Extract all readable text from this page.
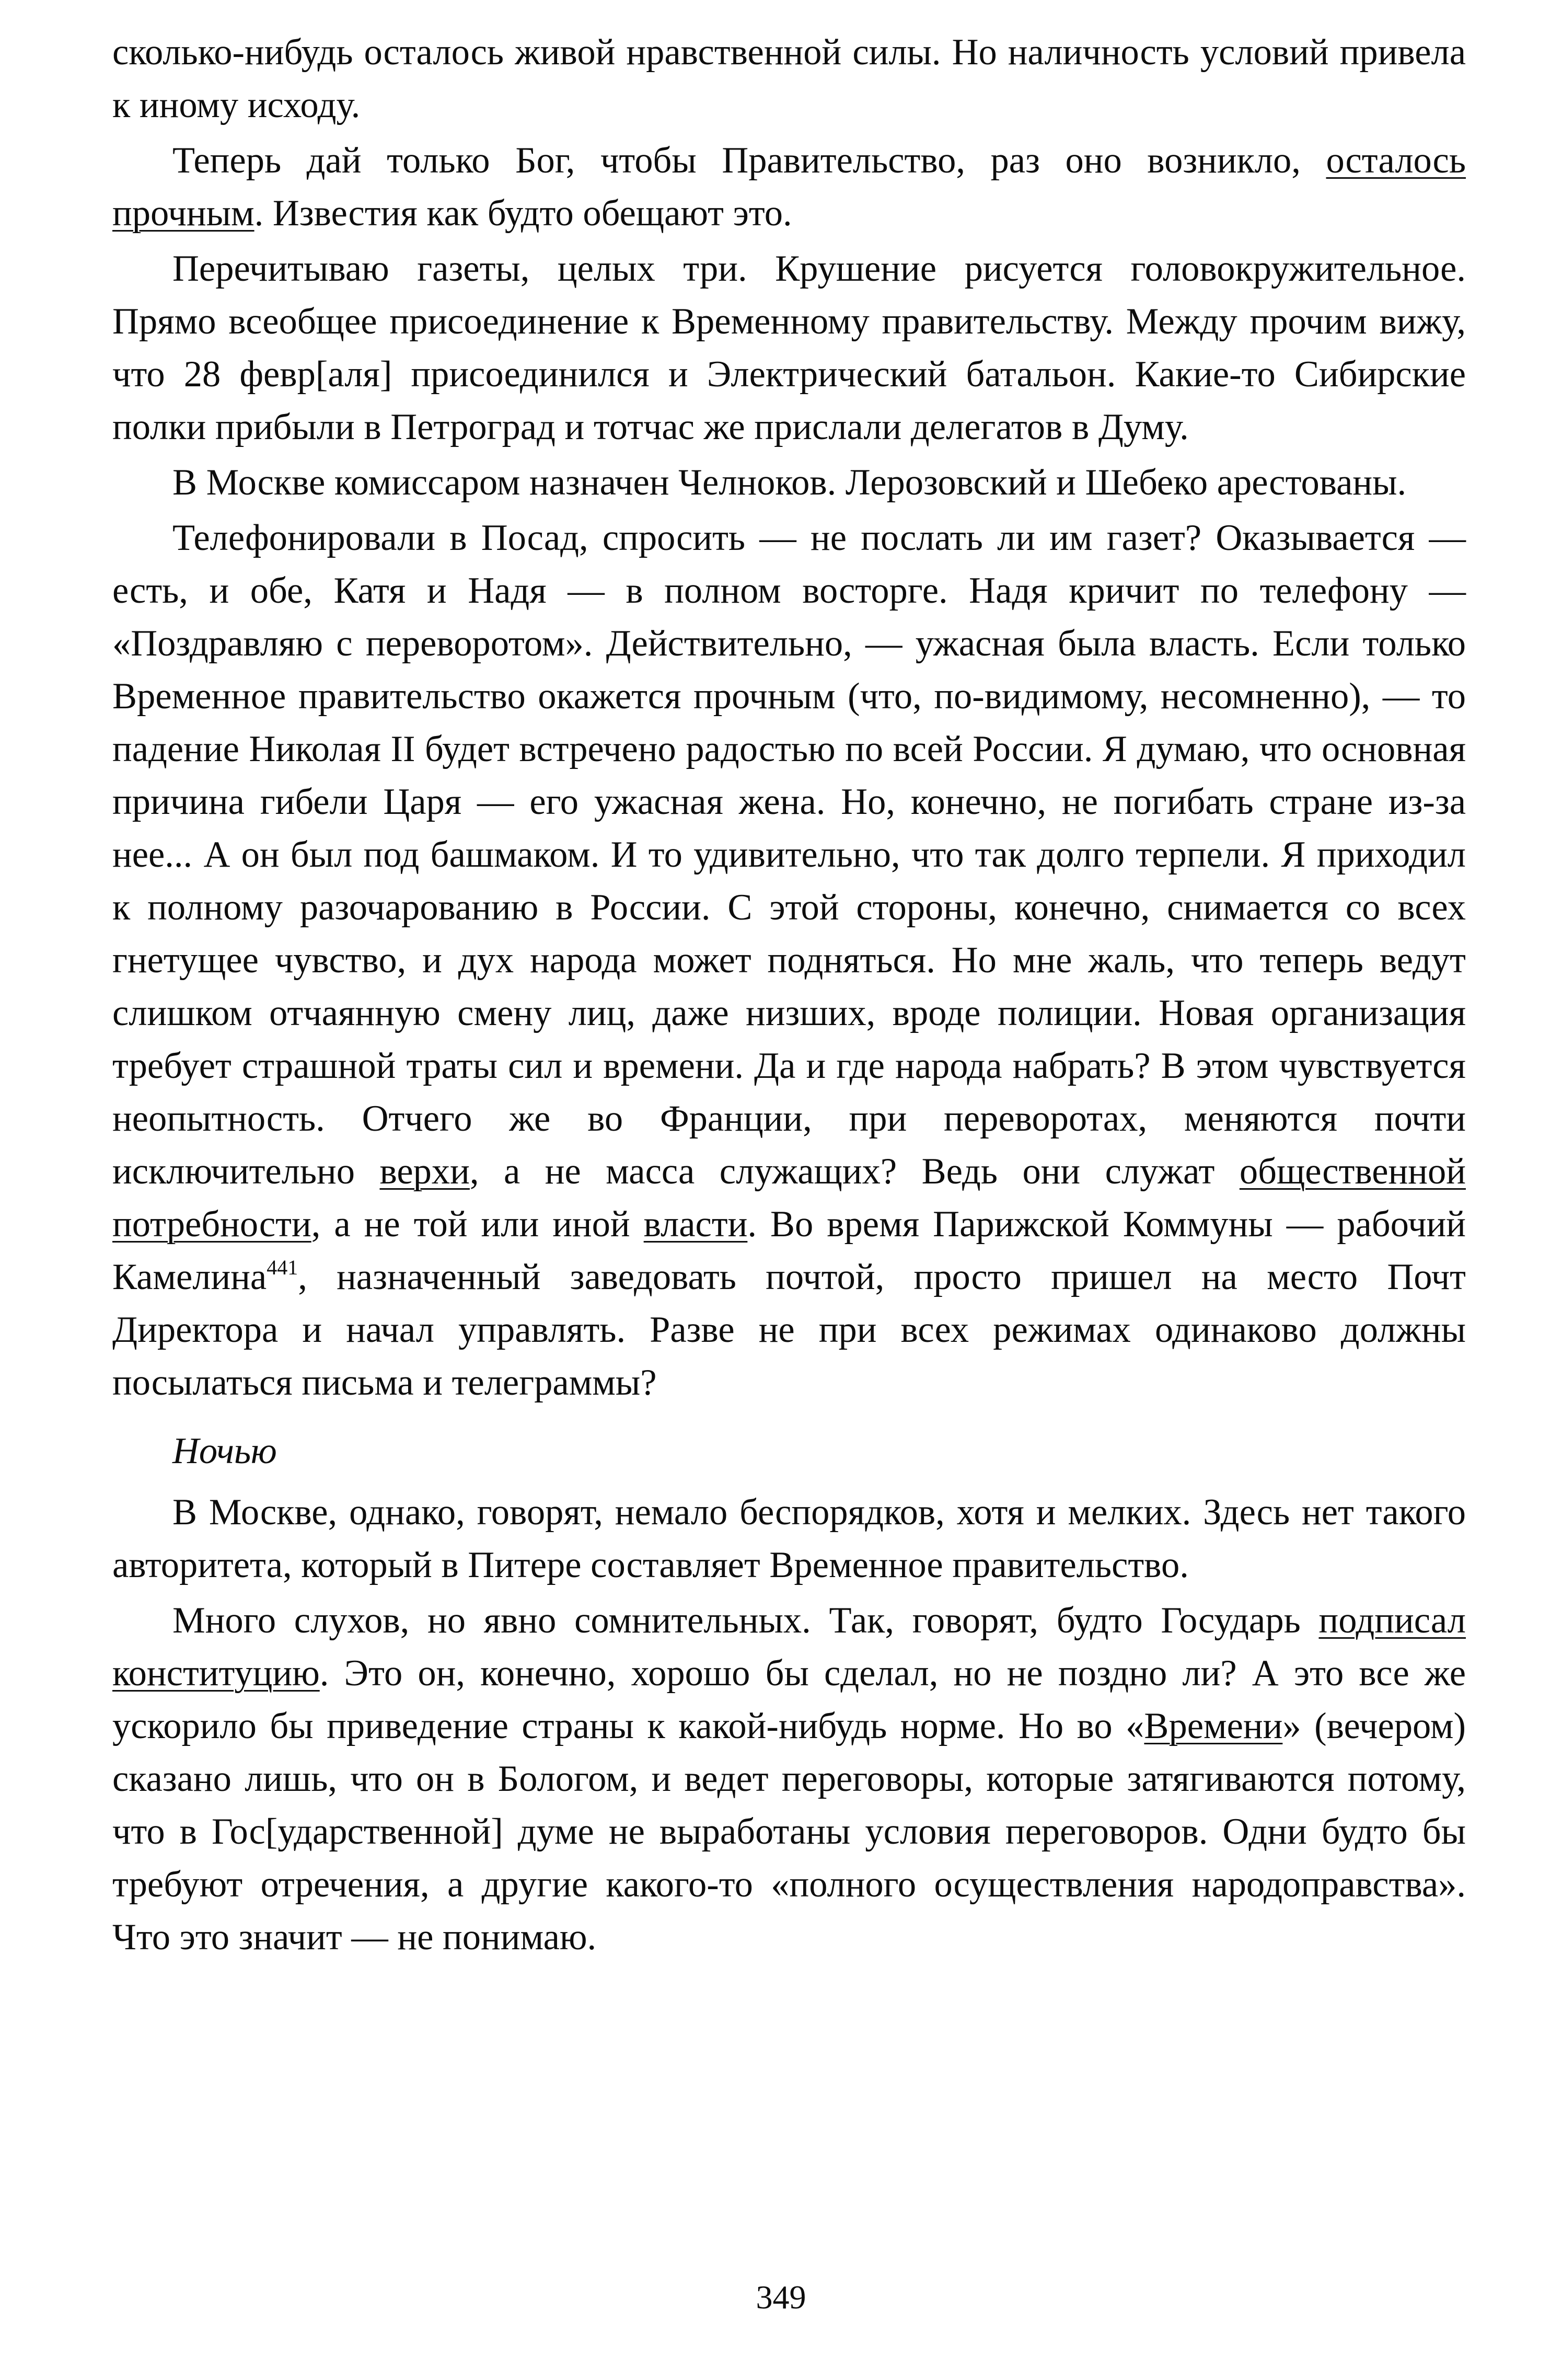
сколько-нибудь осталось живой нравственной силы. Но наличность условий привела к иному исходу.

Теперь дай только Бог, чтобы Правительство, раз оно возникло, осталось прочным. Известия как будто обещают это.

Перечитываю газеты, целых три. Крушение рисуется головокружительное. Прямо всеобщее присоединение к Временному правительству. Между прочим вижу, что 28 февр[аля] присоединился и Электрический батальон. Какие-то Сибирские полки прибыли в Петроград и тотчас же прислали делегатов в Думу.

В Москве комиссаром назначен Челноков. Лерозовский и Шебеко арестованы.

Телефонировали в Посад, спросить — не послать ли им газет? Оказывается — есть, и обе, Катя и Надя — в полном восторге. Надя кричит по телефону — «Поздравляю с переворотом». Действительно, — ужасная была власть. Если только Временное правительство окажется прочным (что, по-видимому, несомненно), — то падение Николая II будет встречено радостью по всей России. Я думаю, что основная причина гибели Царя — его ужасная жена. Но, конечно, не погибать стране из-за нее... А он был под башмаком. И то удивительно, что так долго терпели. Я приходил к полному разочарованию в России. С этой стороны, конечно, снимается со всех гнетущее чувство, и дух народа может подняться. Но мне жаль, что теперь ведут слишком отчаянную смену лиц, даже низших, вроде полиции. Новая организация требует страшной траты сил и времени. Да и где народа набрать? В этом чувствуется неопытность. Отчего же во Франции, при переворотах, меняются почти исключительно верхи, а не масса служащих? Ведь они служат общественной потребности, а не той или иной власти. Во время Парижской Коммуны — рабочий Камелина$^{441}$, назначенный заведовать почтой, просто пришел на место Почт Директора и начал управлять. Разве не при всех режимах одинаково должны посылаться письма и телеграммы?

Ночью

В Москве, однако, говорят, немало беспорядков, хотя и мелких. Здесь нет такого авторитета, который в Питере составляет Временное правительство.

Много слухов, но явно сомнительных. Так, говорят, будто Государь подписал конституцию. Это он, конечно, хорошо бы сделал, но не поздно ли? А это все же ускорило бы приведение страны к какой-нибудь норме. Но во «Времени» (вечером) сказано лишь, что он в Бологом, и ведет переговоры, которые затягиваются потому, что в Гос[ударственной] думе не выработаны условия переговоров. Одни будто бы требуют отречения, а другие какого-то «полного осуществления народоправства». Что это значит — не понимаю.

349
